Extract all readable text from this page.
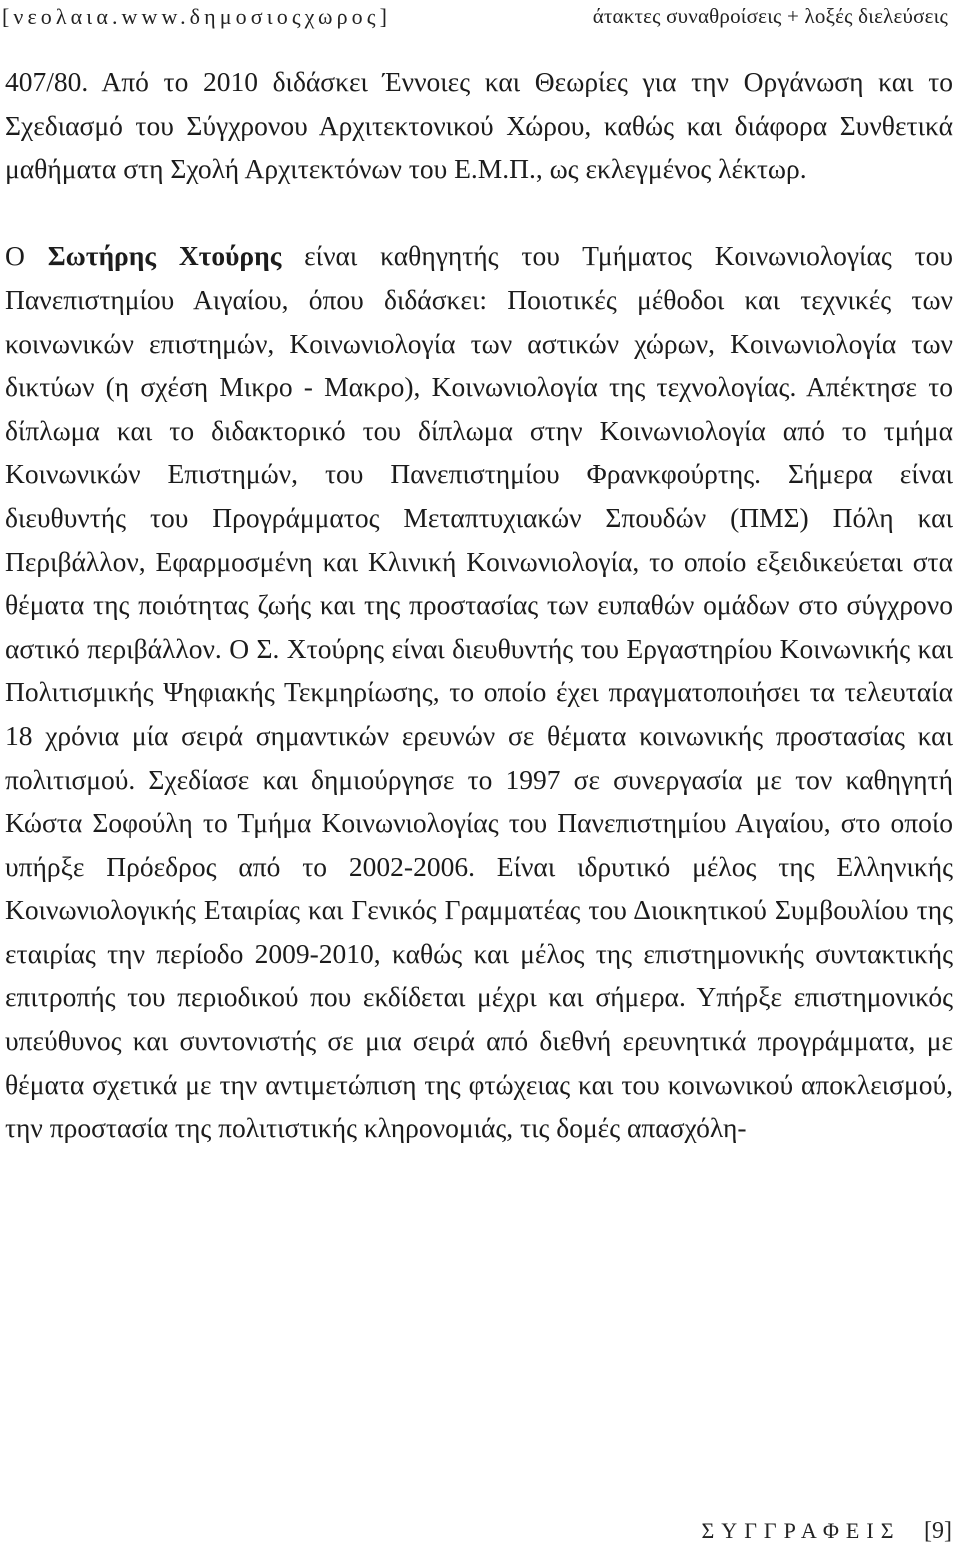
[νεολαια.www.δημοσιοςχωρος]	άτακτες συναθροίσεις + λοξές διελεύσεις

407/80. Από το 2010 διδάσκει Έννοιες και Θεωρίες για την Οργάνωση και το Σχεδιασμό του Σύγχρονου Αρχιτεκτονικού Χώρου, καθώς και διάφορα Συνθετικά μαθήματα στη Σχολή Αρχιτεκτόνων του Ε.Μ.Π., ως εκλεγμένος λέκτωρ.

Ο Σωτήρης Χτούρης είναι καθηγητής του Τμήματος Κοινωνιολογίας του Πανεπιστημίου Αιγαίου, όπου διδάσκει: Ποιοτικές μέθοδοι και τεχνικές των κοινωνικών επιστημών, Κοινωνιολογία των αστικών χώρων, Κοινωνιολογία των δικτύων (η σχέση Μικρο - Μακρο), Κοινωνιολογία της τεχνολογίας. Απέκτησε το δίπλωμα και το διδακτορικό του δίπλωμα στην Κοινωνιολογία από το τμήμα Κοινωνικών Επιστημών, του Πανεπιστημίου Φρανκφούρτης. Σήμερα είναι διευθυντής του Προγράμματος Μεταπτυχιακών Σπουδών (ΠΜΣ) Πόλη και Περιβάλλον, Εφαρμοσμένη και Κλινική Κοινωνιολογία, το οποίο εξειδικεύεται στα θέματα της ποιότητας ζωής και της προστασίας των ευπαθών ομάδων στο σύγχρονο αστικό περιβάλλον. Ο Σ. Χτούρης είναι διευθυντής του Εργαστηρίου Κοινωνικής και Πολιτισμικής Ψηφιακής Τεκμηρίωσης, το οποίο έχει πραγματοποιήσει τα τελευταία 18 χρόνια μία σειρά σημαντικών ερευνών σε θέματα κοινωνικής προστασίας και πολιτισμού. Σχεδίασε και δημιούργησε το 1997 σε συνεργασία με τον καθηγητή Κώστα Σοφούλη το Τμήμα Κοινωνιολογίας του Πανεπιστημίου Αιγαίου, στο οποίο υπήρξε Πρόεδρος από το 2002-2006. Είναι ιδρυτικό μέλος της Ελληνικής Κοινωνιολογικής Εταιρίας και Γενικός Γραμματέας του Διοικητικού Συμβουλίου της εταιρίας την περίοδο 2009-2010, καθώς και μέλος της επιστημονικής συντακτικής επιτροπής του περιοδικού που εκδίδεται μέχρι και σήμερα. Υπήρξε επιστημονικός υπεύθυνος και συντονιστής σε μια σειρά από διεθνή ερευνητικά προγράμματα, με θέματα σχετικά με την αντιμετώπιση της φτώχειας και του κοινωνικού αποκλεισμού, την προστασία της πολιτιστικής κληρονομιάς, τις δομές απασχόλη-

ΣΥΓΓΡΑΦΕΙΣ [9]
